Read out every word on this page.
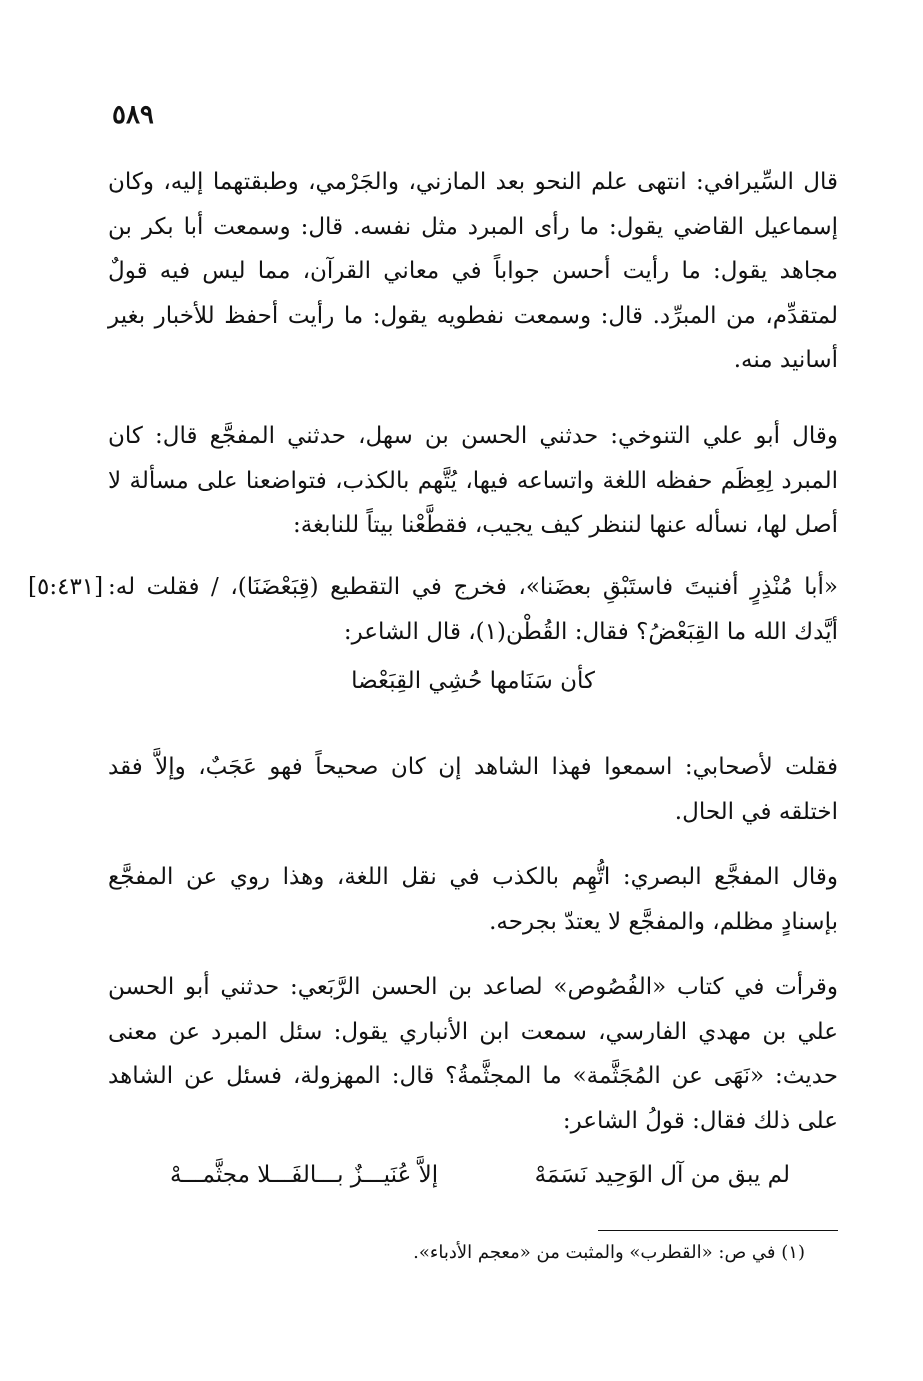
٥٨٩

قال السِّيرافي: انتهى علم النحو بعد المازني، والجَرْمي، وطبقتهما إليه، وكان إسماعيل القاضي يقول: ما رأى المبرد مثل نفسه. قال: وسمعت أبا بكر بن مجاهد يقول: ما رأيت أحسن جواباً في معاني القرآن، مما ليس فيه قولٌ لمتقدِّم، من المبرِّد. قال: وسمعت نفطويه يقول: ما رأيت أحفظ للأخبار بغير أسانيد منه.

وقال أبو علي التنوخي: حدثني الحسن بن سهل، حدثني المفجَّع قال: كان المبرد لِعِظَم حفظه اللغة واتساعه فيها، يُتَّهم بالكذب، فتواضعنا على مسألة لا أصل لها، نسأله عنها لننظر كيف يجيب، فقطَّعْنا بيتاً للنابغة:

«أبا مُنْذِرٍ أفنيتَ فاستَبْقِ بعضَنا»، فخرج في التقطيع (قِبَعْضَنَا)، / فقلت له: أيَّدك الله ما القِبَعْضُ؟ فقال: القُطْن(١)، قال الشاعر:
[٥:٤٣١]

كأن سَنَامها حُشِي القِبَعْضا

فقلت لأصحابي: اسمعوا فهذا الشاهد إن كان صحيحاً فهو عَجَبٌ، وإلاَّ فقد اختلقه في الحال.

وقال المفجَّع البصري: اتُّهِم بالكذب في نقل اللغة، وهذا روي عن المفجَّع بإسنادٍ مظلم، والمفجَّع لا يعتدّ بجرحه.

وقرأت في كتاب «الفُصُوص» لصاعد بن الحسن الرَّبَعي: حدثني أبو الحسن علي بن مهدي الفارسي، سمعت ابن الأنباري يقول: سئل المبرد عن معنى حديث: «نَهَى عن المُجَثَّمة» ما المجثَّمةُ؟ قال: المهزولة، فسئل عن الشاهد على ذلك فقال: قولُ الشاعر:

لم يبق من آل الوَحِيد نَسَمَهْ
إلاَّ عُنَيـــزٌ بـــالفَـــلا مجثَّمـــهْ
(١) في ص: «القطرب» والمثبت من «معجم الأدباء».
